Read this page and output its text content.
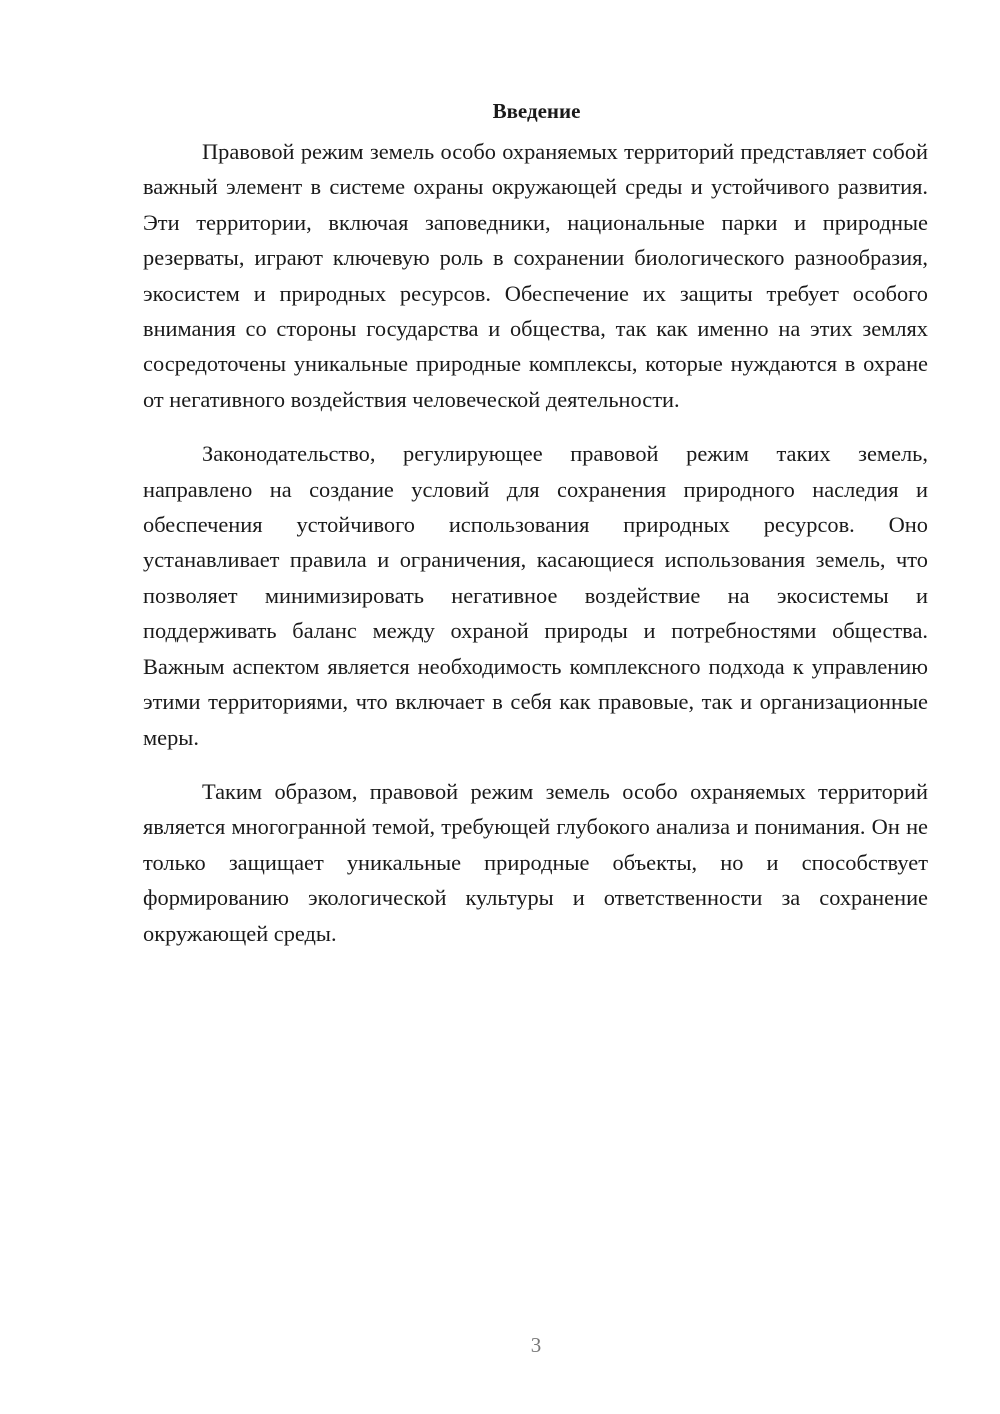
Введение

Правовой режим земель особо охраняемых территорий представляет собой важный элемент в системе охраны окружающей среды и устойчивого развития. Эти территории, включая заповедники, национальные парки и природные резерваты, играют ключевую роль в сохранении биологического разнообразия, экосистем и природных ресурсов. Обеспечение их защиты требует особого внимания со стороны государства и общества, так как именно на этих землях сосредоточены уникальные природные комплексы, которые нуждаются в охране от негативного воздействия человеческой деятельности.

Законодательство, регулирующее правовой режим таких земель, направлено на создание условий для сохранения природного наследия и обеспечения устойчивого использования природных ресурсов. Оно устанавливает правила и ограничения, касающиеся использования земель, что позволяет минимизировать негативное воздействие на экосистемы и поддерживать баланс между охраной природы и потребностями общества. Важным аспектом является необходимость комплексного подхода к управлению этими территориями, что включает в себя как правовые, так и организационные меры.

Таким образом, правовой режим земель особо охраняемых территорий является многогранной темой, требующей глубокого анализа и понимания. Он не только защищает уникальные природные объекты, но и способствует формированию экологической культуры и ответственности за сохранение окружающей среды.

3
